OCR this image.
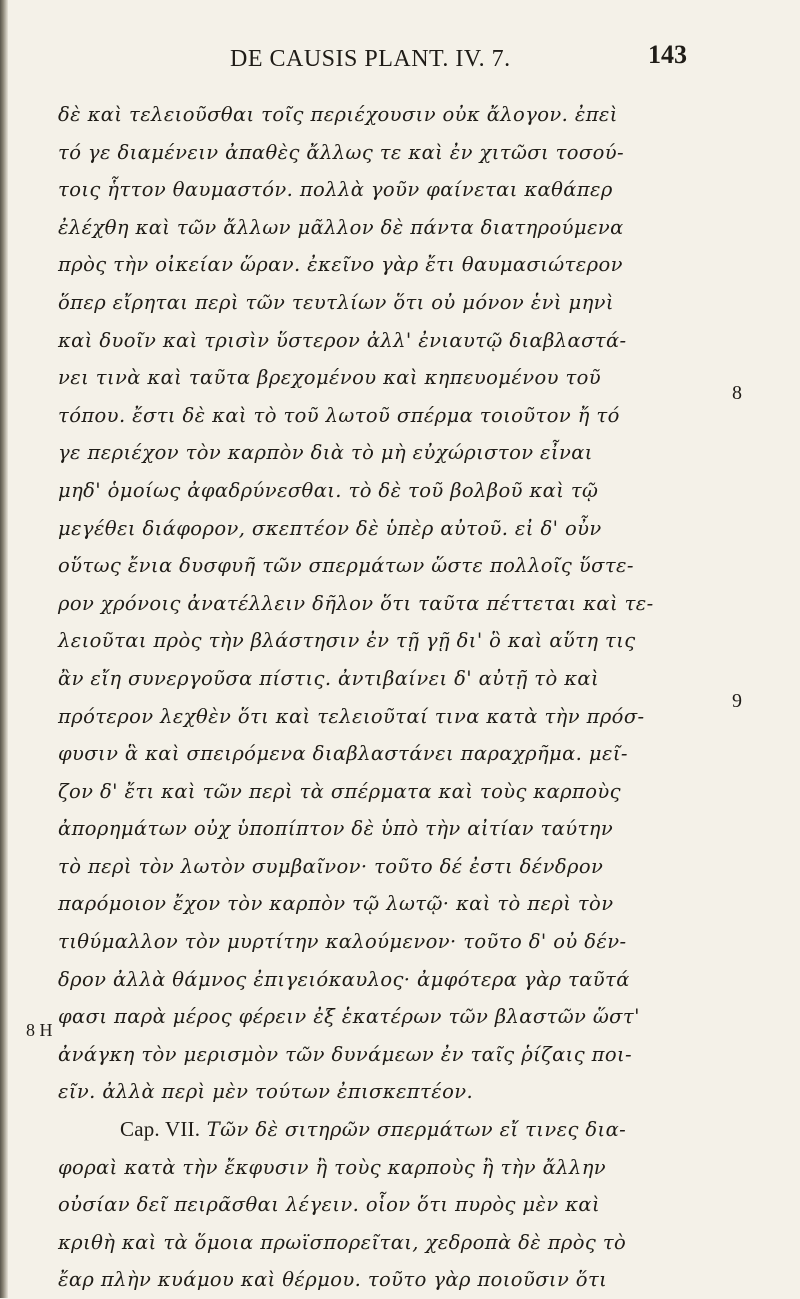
DE CAUSIS PLANT. IV. 7.	143
8
9
8 H
δὲ καὶ τελειοῦσθαι τοῖς περιέχουσιν οὐκ ἄλογον. ἐπεὶ
τό γε διαμένειν ἀπαθὲς ἄλλως τε καὶ ἐν χιτῶσι τοσού-
τοις ἧττον θαυμαστόν. πολλὰ γοῦν φαίνεται καθάπερ
ἐλέχθη καὶ τῶν ἄλλων μᾶλλον δὲ πάντα διατηρούμενα
πρὸς τὴν οἰκείαν ὥραν. ἐκεῖνο γὰρ ἔτι θαυμασιώτερον
ὅπερ εἴρηται περὶ τῶν τευτλίων ὅτι οὐ μόνον ἑνὶ μηνὶ
καὶ δυοῖν καὶ τρισὶν ὕστερον ἀλλ' ἐνιαυτῷ διαβλαστά-
νει τινὰ καὶ ταῦτα βρεχομένου καὶ κηπευομένου τοῦ
τόπου. ἔστι δὲ καὶ τὸ τοῦ λωτοῦ σπέρμα τοιοῦτον ἤ τό
γε περιέχον τὸν καρπὸν διὰ τὸ μὴ εὐχώριστον εἶναι
μηδ' ὁμοίως ἀφαδρύνεσθαι. τὸ δὲ τοῦ βολβοῦ καὶ τῷ
μεγέθει διάφορον, σκεπτέον δὲ ὑπὲρ αὐτοῦ. εἰ δ' οὖν
οὕτως ἔνια δυσφυῆ τῶν σπερμάτων ὥστε πολλοῖς ὕστε-
ρον χρόνοις ἀνατέλλειν δῆλον ὅτι ταῦτα πέττεται καὶ τε-
λειοῦται πρὸς τὴν βλάστησιν ἐν τῇ γῇ δι' ὃ καὶ αὕτη τις
ἂν εἴη συνεργοῦσα πίστις. ἀντιβαίνει δ' αὐτῇ τὸ καὶ
πρότερον λεχθὲν ὅτι καὶ τελειοῦταί τινα κατὰ τὴν πρόσ-
φυσιν ἃ καὶ σπειρόμενα διαβλαστάνει παραχρῆμα. μεῖ-
ζον δ' ἔτι καὶ τῶν περὶ τὰ σπέρματα καὶ τοὺς καρποὺς
ἀπορημάτων οὐχ ὑποπίπτον δὲ ὑπὸ τὴν αἰτίαν ταύτην
τὸ περὶ τὸν λωτὸν συμβαῖνον· τοῦτο δέ ἐστι δένδρον
παρόμοιον ἔχον τὸν καρπὸν τῷ λωτῷ· καὶ τὸ περὶ τὸν
τιθύμαλλον τὸν μυρτίτην καλούμενον· τοῦτο δ' οὐ δέν-
δρον ἀλλὰ θάμνος ἐπιγειόκαυλος· ἀμφότερα γὰρ ταῦτά
φασι παρὰ μέρος φέρειν ἐξ ἑκατέρων τῶν βλαστῶν ὥστ'
ἀνάγκη τὸν μερισμὸν τῶν δυνάμεων ἐν ταῖς ῥίζαις ποι-
εῖν. ἀλλὰ περὶ μὲν τούτων ἐπισκεπτέον.
Cap. VII. Τῶν δὲ σιτηρῶν σπερμάτων εἴ τινες δια-
φοραὶ κατὰ τὴν ἔκφυσιν ἢ τοὺς καρποὺς ἢ τὴν ἄλλην
οὐσίαν δεῖ πειρᾶσθαι λέγειν. οἷον ὅτι πυρὸς μὲν καὶ
κριθὴ καὶ τὰ ὅμοια πρωϊσπορεῖται, χεδροπὰ δὲ πρὸς τὸ
ἔαρ πλὴν κυάμου καὶ θέρμου. τοῦτο γὰρ ποιοῦσιν ὅτι
